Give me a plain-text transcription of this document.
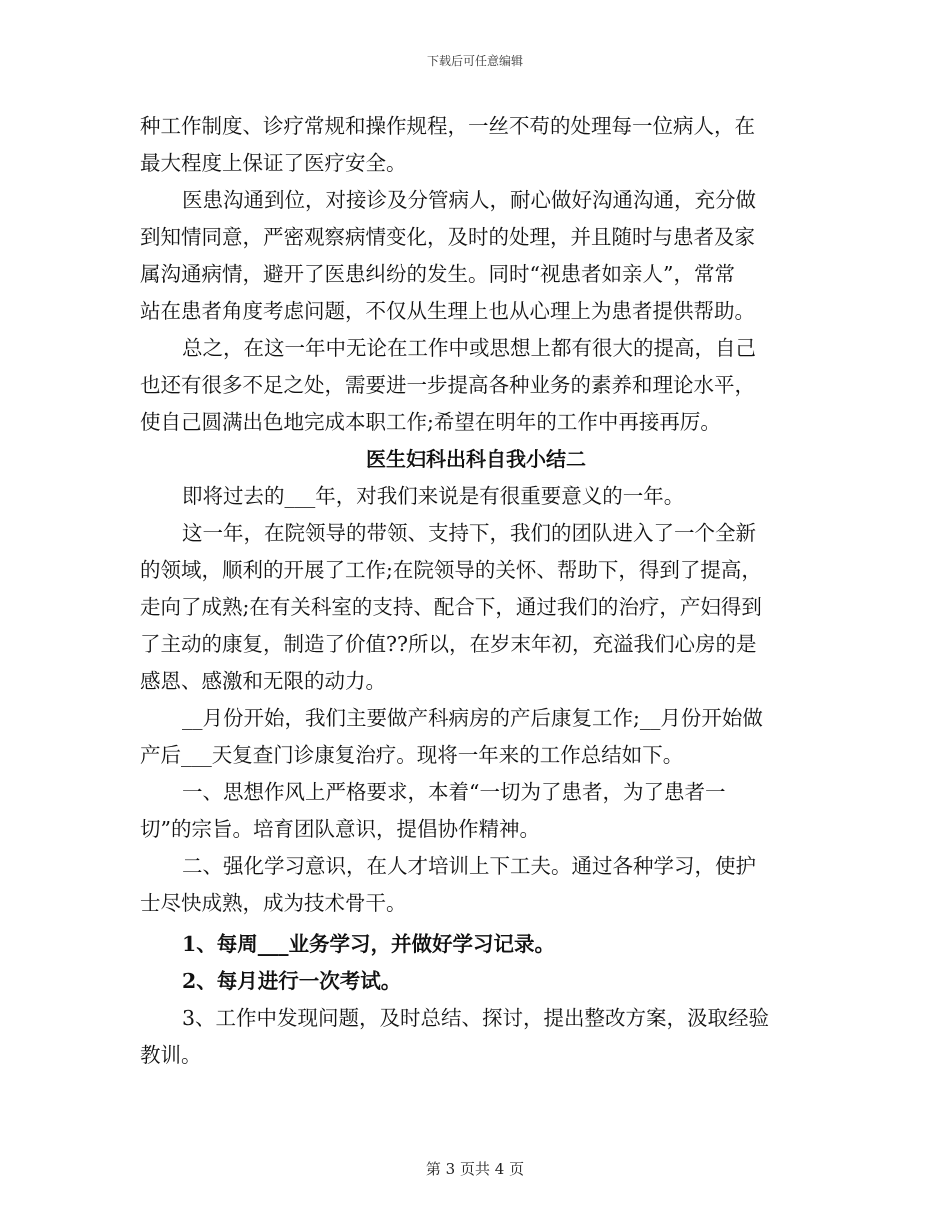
下载后可任意编辑
种工作制度、诊疗常规和操作规程，一丝不苟的处理每一位病人，在
最大程度上保证了医疗安全。
医患沟通到位，对接诊及分管病人，耐心做好沟通沟通，充分做
到知情同意，严密观察病情变化，及时的处理，并且随时与患者及家
属沟通病情，避开了医患纠纷的发生。同时“视患者如亲人”，常常
站在患者角度考虑问题，不仅从生理上也从心理上为患者提供帮助。
总之，在这一年中无论在工作中或思想上都有很大的提高，自己
也还有很多不足之处，需要进一步提高各种业务的素养和理论水平，
使自己圆满出色地完成本职工作;希望在明年的工作中再接再厉。
医生妇科出科自我小结二
即将过去的___年，对我们来说是有很重要意义的一年。
这一年，在院领导的带领、支持下，我们的团队进入了一个全新
的领域，顺利的开展了工作;在院领导的关怀、帮助下，得到了提高，
走向了成熟;在有关科室的支持、配合下，通过我们的治疗，产妇得到
了主动的康复，制造了价值??所以，在岁末年初，充溢我们心房的是
感恩、感激和无限的动力。
__月份开始，我们主要做产科病房的产后康复工作;__月份开始做
产后___天复查门诊康复治疗。现将一年来的工作总结如下。
一、思想作风上严格要求，本着“一切为了患者，为了患者一
切”的宗旨。培育团队意识，提倡协作精神。
二、强化学习意识，在人才培训上下工夫。通过各种学习，使护
士尽快成熟，成为技术骨干。
1、每周___业务学习，并做好学习记录。
2、每月进行一次考试。
3、工作中发现问题，及时总结、探讨，提出整改方案，汲取经验
教训。
第 3 页共 4 页
